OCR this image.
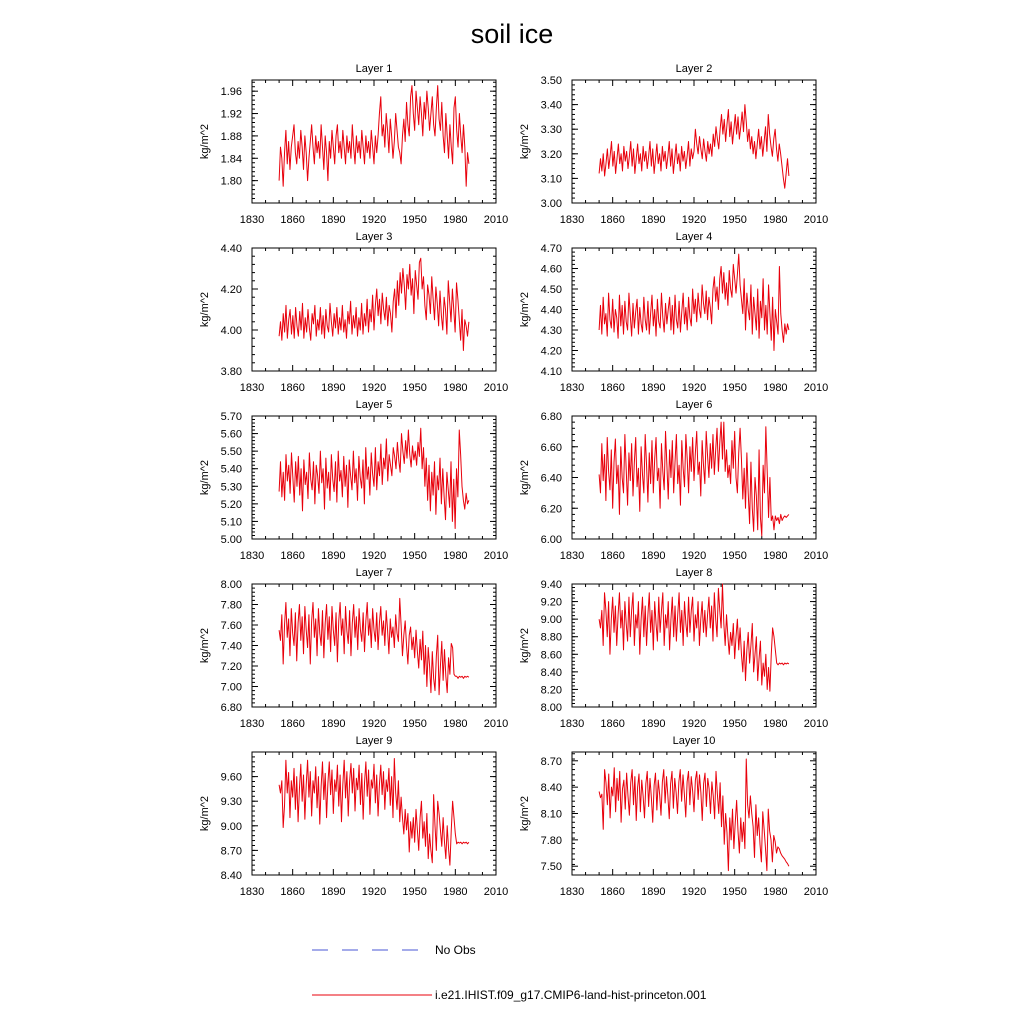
soil ice
Layer 1
kg/m^2
1830 1860 1890 1920 1950 1980 2010
1.80
1.84
1.88
1.92
1.96
Layer 2
kg/m^2
1830 1860 1890 1920 1950 1980 2010
3.00
3.10
3.20
3.30
3.40
3.50
Layer 3
kg/m^2
1830 1860 1890 1920 1950 1980 2010
3.80
4.00
4.20
4.40
Layer 4
kg/m^2
1830 1860 1890 1920 1950 1980 2010
4.10
4.20
4.30
4.40
4.50
4.60
4.70
Layer 5
kg/m^2
1830 1860 1890 1920 1950 1980 2010
5.00
5.10
5.20
5.30
5.40
5.50
5.60
5.70
Layer 6
kg/m^2
1830 1860 1890 1920 1950 1980 2010
6.00
6.20
6.40
6.60
6.80
Layer 7
kg/m^2
1830 1860 1890 1920 1950 1980 2010
6.80
7.00
7.20
7.40
7.60
7.80
8.00
Layer 8
kg/m^2
1830 1860 1890 1920 1950 1980 2010
8.00
8.20
8.40
8.60
8.80
9.00
9.20
9.40
Layer 9
kg/m^2
1830 1860 1890 1920 1950 1980 2010
8.40
8.70
9.00
9.30
9.60
Layer 10
kg/m^2
1830 1860 1890 1920 1950 1980 2010
7.50
7.80
8.10
8.40
8.70
No Obs
i.e21.IHIST.f09_g17.CMIP6-land-hist-princeton.001
